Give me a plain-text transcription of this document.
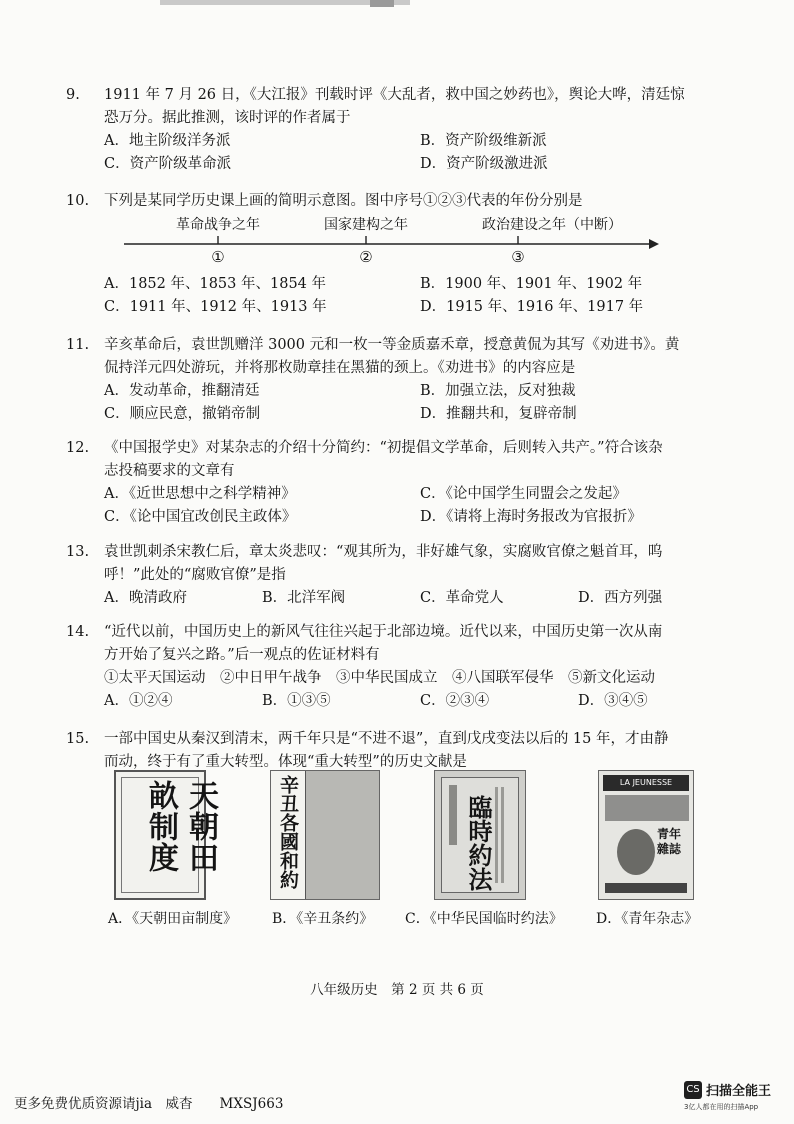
9.	1911 年 7 月 26 日，《大江报》刊载时评《大乱者，救中国之妙药也》，舆论大哗，清廷惊
恐万分。据此推测，该时评的作者属于
A．地主阶级洋务派	B．资产阶级维新派
C．资产阶级革命派	D．资产阶级激进派
10.	下列是某同学历史课上画的简明示意图。图中序号①②③代表的年份分别是
革命战争之年	国家建构之年	政治建设之年（中断）
①	②	③
A．1852 年、1853 年、1854 年	B．1900 年、1901 年、1902 年
C．1911 年、1912 年、1913 年	D．1915 年、1916 年、1917 年
11.	辛亥革命后，袁世凯赠洋 3000 元和一枚一等金质嘉禾章，授意黄侃为其写《劝进书》。黄
侃持洋元四处游玩，并将那枚勋章挂在黑猫的颈上。《劝进书》的内容应是
A．发动革命，推翻清廷	B．加强立法，反对独裁
C．顺应民意，撤销帝制	D．推翻共和，复辟帝制
12.	《中国报学史》对某杂志的介绍十分简约：“初提倡文学革命，后则转入共产。”符合该杂
志投稿要求的文章有
A．《近世思想中之科学精神》	C．《论中国学生同盟会之发起》
C．《论中国宜改创民主政体》	D．《请将上海时务报改为官报折》
13.	袁世凯刺杀宋教仁后，章太炎悲叹：“观其所为，非好雄气象，实腐败官僚之魁首耳，呜
呼！”此处的“腐败官僚”是指
A．晚清政府	B．北洋军阀	C．革命党人	D．西方列强
14.	“近代以前，中国历史上的新风气往往兴起于北部边境。近代以来，中国历史第一次从南
方开始了复兴之路。”后一观点的佐证材料有
①太平天国运动　②中日甲午战争　③中华民国成立　④八国联军侵华　⑤新文化运动
A．①②④	B．①③⑤	C．②③④	D．③④⑤
15.	一部中国史从秦汉到清末，两千年只是“不进不退”，直到戊戌变法以后的 15 年，才由静
而动，终于有了重大转型。体现“重大转型”的历史文献是
天朝田畝制度	辛丑各國和約	臨時約法
LA JEUNESSE
青年雜誌
A．《天朝田亩制度》 B．《辛丑条约》 C．《中华民国临时约法》 D．《青年杂志》
八年级历史　第 2 页 共 6 页
更多免费优质资源请jia　威杳　　MXSJ663
CS 扫描全能王
3亿人都在用的扫描App
